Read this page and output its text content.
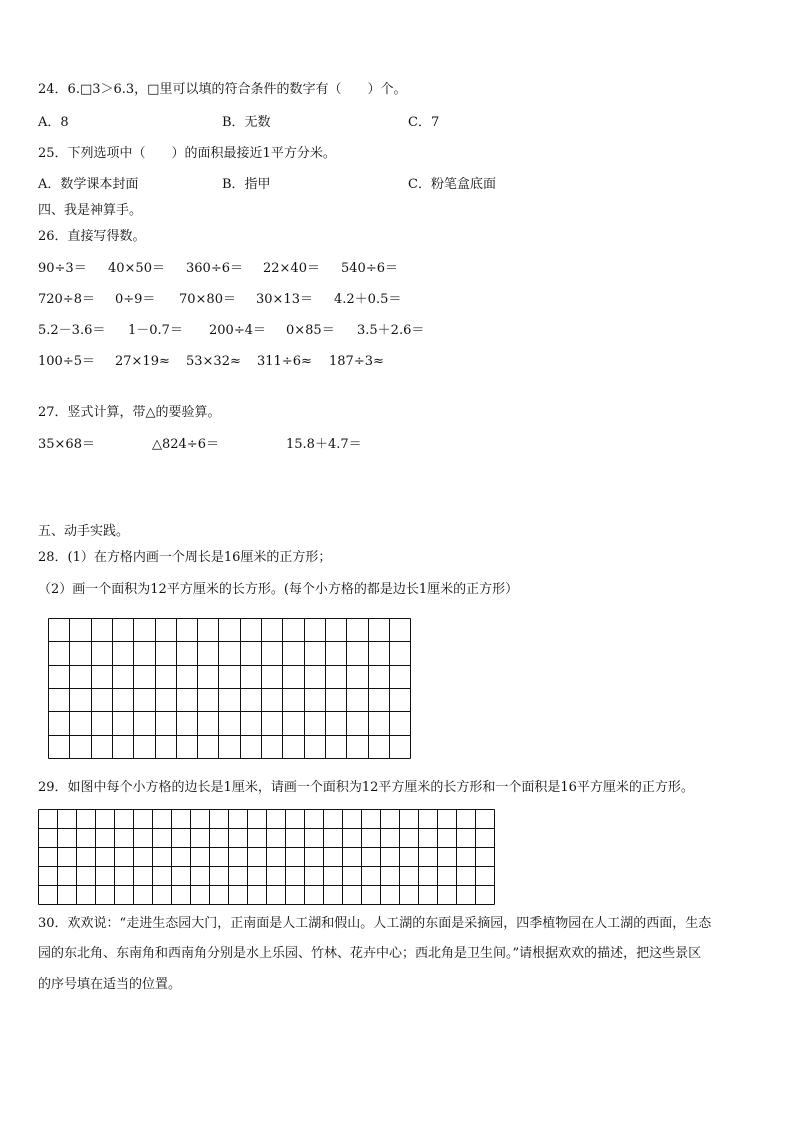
24．6.□3＞6.3，□里可以填的符合条件的数字有（　　）个。
A．8	B．无数	C．7
25．下列选项中（　　）的面积最接近1平方分米。
A．数学课本封面	B．指甲	C．粉笔盒底面
四、我是神算手。
26．直接写得数。
90÷3＝ 40×50＝ 360÷6＝ 22×40＝ 540÷6＝
720÷8＝ 0÷9＝ 70×80＝ 30×13＝ 4.2＋0.5＝
5.2－3.6＝ 1－0.7＝ 200÷4＝ 0×85＝ 3.5＋2.6＝
100÷5＝ 27×19≈ 53×32≈ 311÷6≈ 187÷3≈
27．竖式计算，带△的要验算。
35×68＝	△824÷6＝	15.8＋4.7＝
五、动手实践。
28．(1）在方格内画一个周长是16厘米的正方形；
（2）画一个面积为12平方厘米的长方形。(每个小方格的都是边长1厘米的正方形）
29．如图中每个小方格的边长是1厘米，请画一个面积为12平方厘米的长方形和一个面积是16平方厘米的正方形。
30．欢欢说：“走进生态园大门，正南面是人工湖和假山。人工湖的东面是采摘园，四季植物园在人工湖的西面，生态
园的东北角、东南角和西南角分别是水上乐园、竹林、花卉中心；西北角是卫生间。”请根据欢欢的描述，把这些景区
的序号填在适当的位置。
